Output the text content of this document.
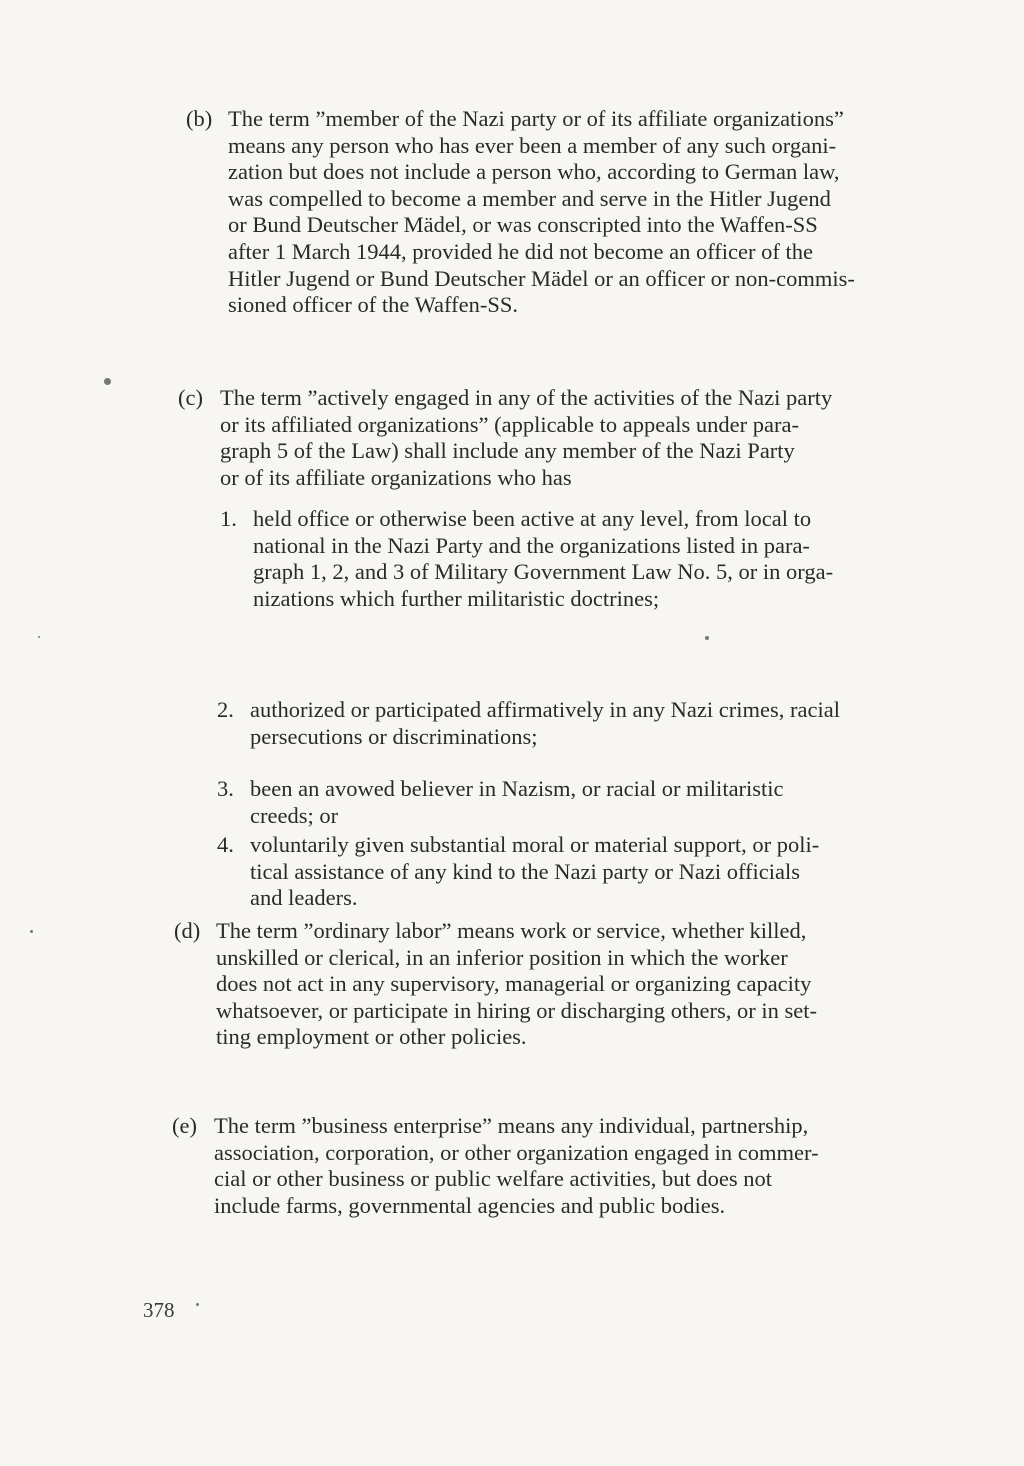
(b) The term ”member of the Nazi party or of its affiliate organizations”
means any person who has ever been a member of any such organi-
zation but does not include a person who, according to German law,
was compelled to become a member and serve in the Hitler Jugend
or Bund Deutscher Mädel, or was conscripted into the Waffen-SS
after 1 March 1944, provided he did not become an officer of the
Hitler Jugend or Bund Deutscher Mädel or an officer or non-commis-
sioned officer of the Waffen-SS.
(c) The term ”actively engaged in any of the activities of the Nazi party
or its affiliated organizations” (applicable to appeals under para-
graph 5 of the Law) shall include any member of the Nazi Party
or of its affiliate organizations who has
1. held office or otherwise been active at any level, from local to
national in the Nazi Party and the organizations listed in para-
graph 1, 2, and 3 of Military Government Law No. 5, or in orga-
nizations which further militaristic doctrines;
2. authorized or participated affirmatively in any Nazi crimes, racial
persecutions or discriminations;
3. been an avowed believer in Nazism, or racial or militaristic
creeds; or
4. voluntarily given substantial moral or material support, or poli-
tical assistance of any kind to the Nazi party or Nazi officials
and leaders.
(d) The term ”ordinary labor” means work or service, whether killed,
unskilled or clerical, in an inferior position in which the worker
does not act in any supervisory, managerial or organizing capacity
whatsoever, or participate in hiring or discharging others, or in set-
ting employment or other policies.
(e) The term ”business enterprise” means any individual, partnership,
association, corporation, or other organization engaged in commer-
cial or other business or public welfare activities, but does not
include farms, governmental agencies and public bodies.
378
